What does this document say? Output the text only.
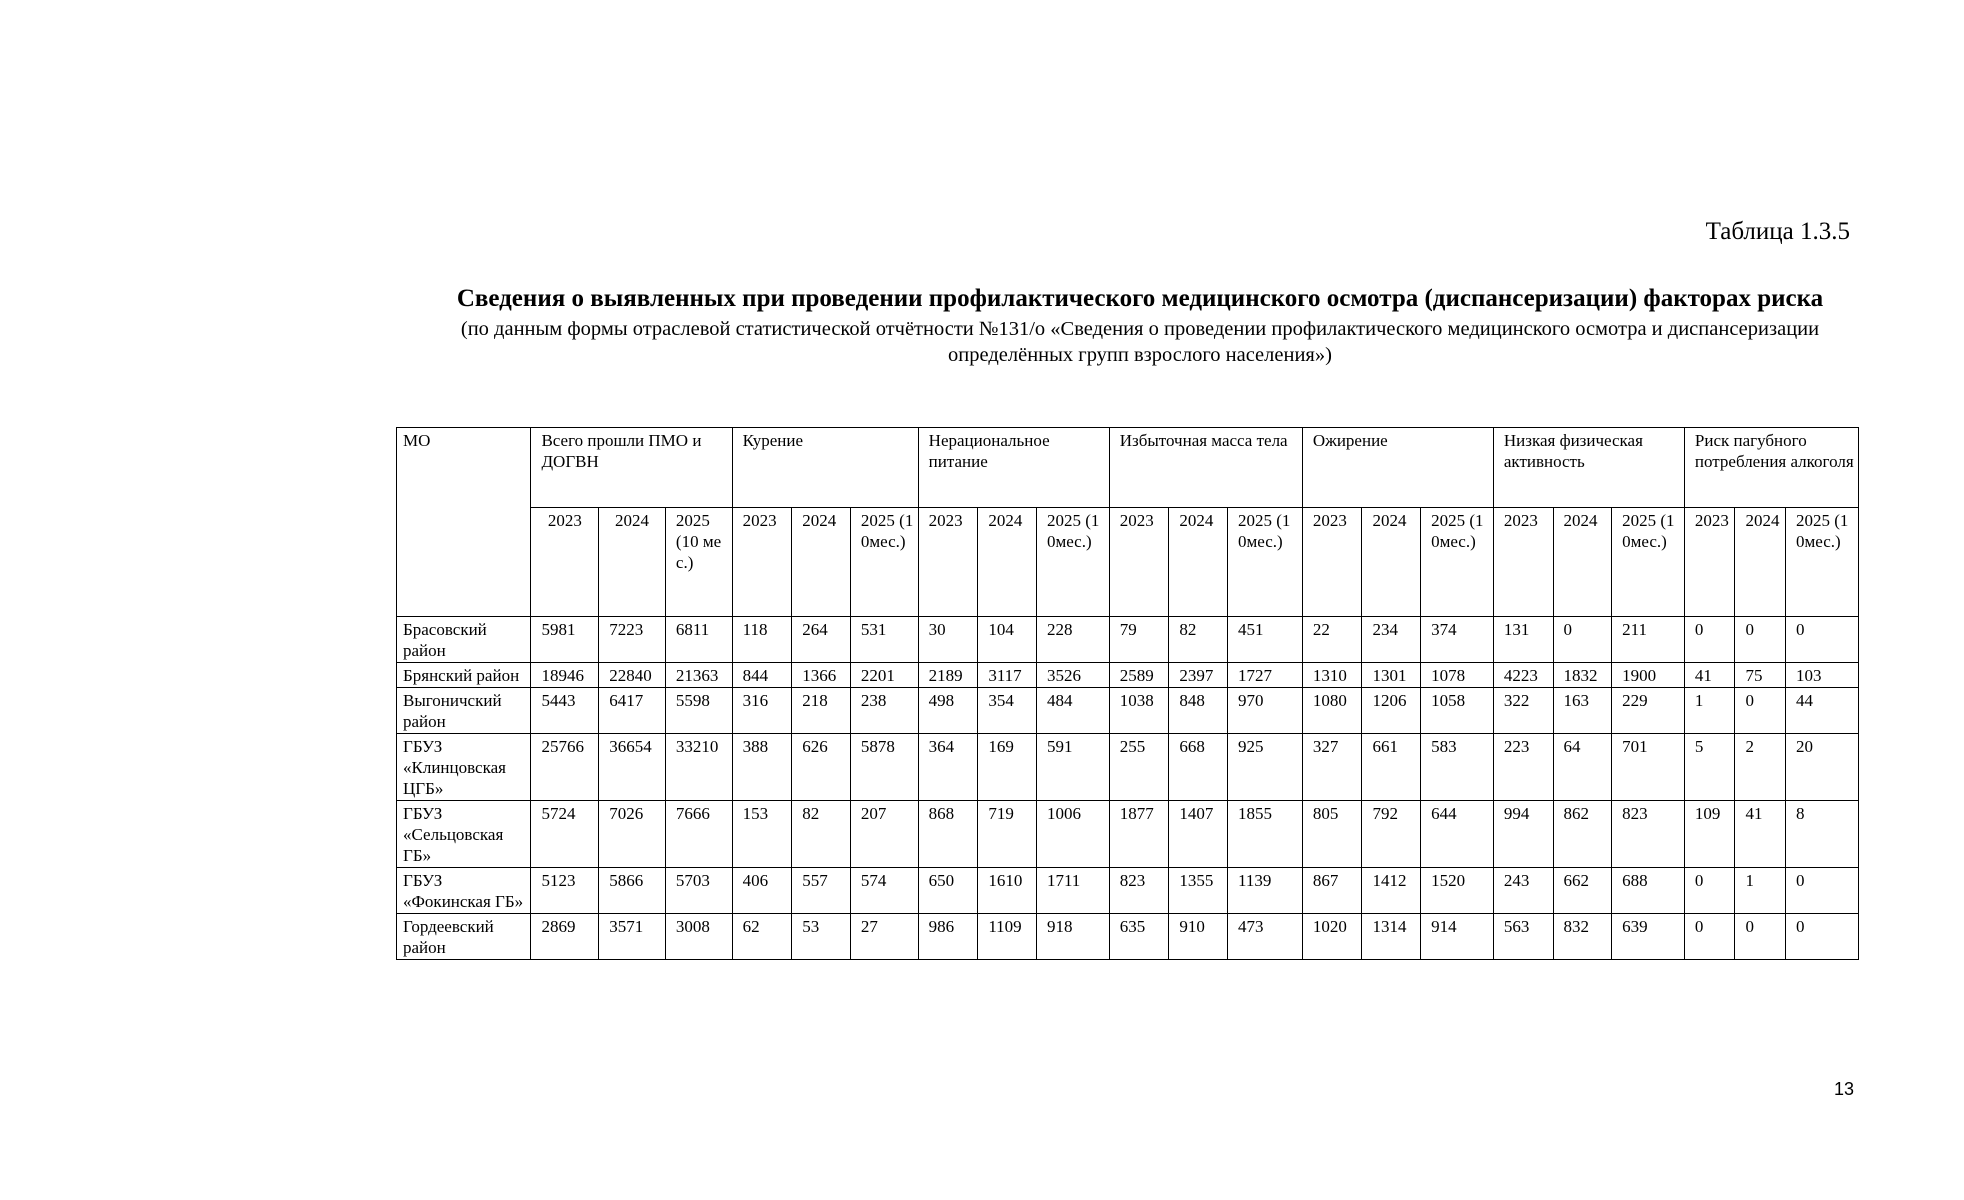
Таблица 1.3.5
Сведения о выявленных при проведении профилактического медицинского осмотра (диспансеризации) факторах риска
(по данным формы отраслевой статистической отчётности №131/о «Сведения о проведении профилактического медицинского осмотра и диспансеризации определённых групп взрослого населения»)
МО	Всего прошли ПМО и ДОГВН			Курение			Нерациональное питание			Избыточная масса тела			Ожирение			Низкая физическая активность			Риск пагубного потребления алкоголя		
	2023	2024	2025 (10 мес.)	2023	2024	2025 (10мес.)	2023	2024	2025 (10мес.)	2023	2024	2025 (10мес.)	2023	2024	2025 (10мес.)	2023	2024	2025 (10мес.)	2023	2024	2025 (10мес.)
Брасовский район	5981	7223	6811	118	264	531	30	104	228	79	82	451	22	234	374	131	0	211	0	0	0
Брянский район	18946	22840	21363	844	1366	2201	2189	3117	3526	2589	2397	1727	1310	1301	1078	4223	1832	1900	41	75	103
Выгоничский район	5443	6417	5598	316	218	238	498	354	484	1038	848	970	1080	1206	1058	322	163	229	1	0	44
ГБУЗ «Клинцовская ЦГБ»	25766	36654	33210	388	626	5878	364	169	591	255	668	925	327	661	583	223	64	701	5	2	20
ГБУЗ «Сельцовская ГБ»	5724	7026	7666	153	82	207	868	719	1006	1877	1407	1855	805	792	644	994	862	823	109	41	8
ГБУЗ «Фокинская ГБ»	5123	5866	5703	406	557	574	650	1610	1711	823	1355	1139	867	1412	1520	243	662	688	0	1	0
Гордеевский район	2869	3571	3008	62	53	27	986	1109	918	635	910	473	1020	1314	914	563	832	639	0	0	0
13
